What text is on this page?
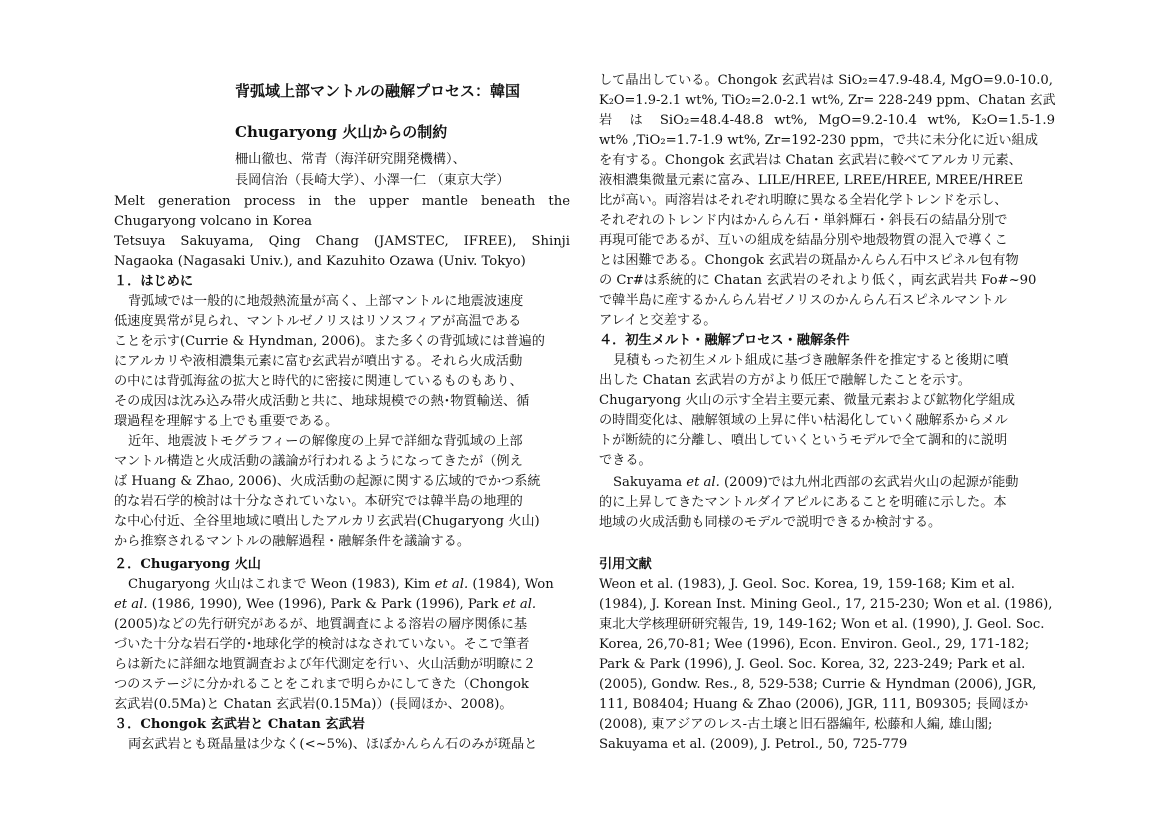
背弧域上部マントルの融解プロセス：韓国
Chugaryong 火山からの制約
柵山徹也、常青（海洋研究開発機構）、
長岡信治（長崎大学）、小澤一仁 （東京大学）
Melt generation process in the upper mantle beneath the
Chugaryong volcano in Korea
Tetsuya Sakuyama, Qing Chang (JAMSTEC, IFREE), Shinji
Nagaoka (Nagasaki Univ.), and Kazuhito Ozawa (Univ. Tokyo)
１．はじめに
背弧域では一般的に地殻熱流量が高く、上部マントルに地震波速度
低速度異常が見られ、マントルゼノリスはリソスフィアが高温である
ことを示す(Currie & Hyndman, 2006)。また多くの背弧域には普遍的
にアルカリや液相濃集元素に富む玄武岩が噴出する。それら火成活動
の中には背弧海盆の拡大と時代的に密接に関連しているものもあり、
その成因は沈み込み帯火成活動と共に、地球規模での熱･物質輸送、循
環過程を理解する上でも重要である。
近年、地震波トモグラフィーの解像度の上昇で詳細な背弧域の上部
マントル構造と火成活動の議論が行われるようになってきたが（例え
ば Huang & Zhao, 2006)、火成活動の起源に関する広域的でかつ系統
的な岩石学的検討は十分なされていない。本研究では韓半島の地理的
な中心付近、全谷里地域に噴出したアルカリ玄武岩(Chugaryong 火山)
から推察されるマントルの融解過程・融解条件を議論する。
２．Chugaryong 火山
Chugaryong 火山はこれまで Weon (1983), Kim et al. (1984), Won
et al. (1986, 1990), Wee (1996), Park & Park (1996), Park et al.
(2005)などの先行研究があるが、地質調査による溶岩の層序関係に基
づいた十分な岩石学的･地球化学的検討はなされていない。そこで筆者
らは新たに詳細な地質調査および年代測定を行い、火山活動が明瞭に２
つのステージに分かれることをこれまで明らかにしてきた（Chongok
玄武岩(0.5Ma)と Chatan 玄武岩(0.15Ma)）(長岡ほか、2008)。
３．Chongok 玄武岩と Chatan 玄武岩
両玄武岩とも斑晶量は少なく(<~5%)、ほぼかんらん石のみが斑晶と
して晶出している。Chongok 玄武岩は SiO₂=47.9-48.4, MgO=9.0-10.0,
K₂O=1.9-2.1 wt%, TiO₂=2.0-2.1 wt%, Zr= 228-249 ppm、Chatan 玄武
岩 は SiO₂=48.4-48.8 wt%, MgO=9.2-10.4 wt%, K₂O=1.5-1.9
wt% ,TiO₂=1.7-1.9 wt%, Zr=192-230 ppm，で共に未分化に近い組成
を有する。Chongok 玄武岩は Chatan 玄武岩に較べてアルカリ元素、
液相濃集微量元素に富み、LILE/HREE, LREE/HREE, MREE/HREE
比が高い。両溶岩はそれぞれ明瞭に異なる全岩化学トレンドを示し、
それぞれのトレンド内はかんらん石・単斜輝石・斜長石の結晶分別で
再現可能であるが、互いの組成を結晶分別や地殻物質の混入で導くこ
とは困難である。Chongok 玄武岩の斑晶かんらん石中スピネル包有物
の Cr#は系統的に Chatan 玄武岩のそれより低く，両玄武岩共 Fo#~90
で韓半島に産するかんらん岩ゼノリスのかんらん石スピネルマントル
アレイと交差する。
４．初生メルト・融解プロセス・融解条件
見積もった初生メルト組成に基づき融解条件を推定すると後期に噴
出した Chatan 玄武岩の方がより低圧で融解したことを示す。
Chugaryong 火山の示す全岩主要元素、微量元素および鉱物化学組成
の時間変化は、融解領域の上昇に伴い枯渇化していく融解系からメル
トが断続的に分離し、噴出していくというモデルで全て調和的に説明
できる。
Sakuyama et al. (2009)では九州北西部の玄武岩火山の起源が能動
的に上昇してきたマントルダイアピルにあることを明確に示した。本
地域の火成活動も同様のモデルで説明できるか検討する。
引用文献
Weon et al. (1983), J. Geol. Soc. Korea, 19, 159-168; Kim et al.
(1984), J. Korean Inst. Mining Geol., 17, 215-230; Won et al. (1986),
東北大学核理研研究報告, 19, 149-162; Won et al. (1990), J. Geol. Soc.
Korea, 26,70-81; Wee (1996), Econ. Environ. Geol., 29, 171-182;
Park & Park (1996), J. Geol. Soc. Korea, 32, 223-249; Park et al.
(2005), Gondw. Res., 8, 529-538; Currie & Hyndman (2006), JGR,
111, B08404; Huang & Zhao (2006), JGR, 111, B09305; 長岡ほか
(2008), 東アジアのレス-古土壌と旧石器編年, 松藤和人編, 雄山閣;
Sakuyama et al. (2009), J. Petrol., 50, 725-779
